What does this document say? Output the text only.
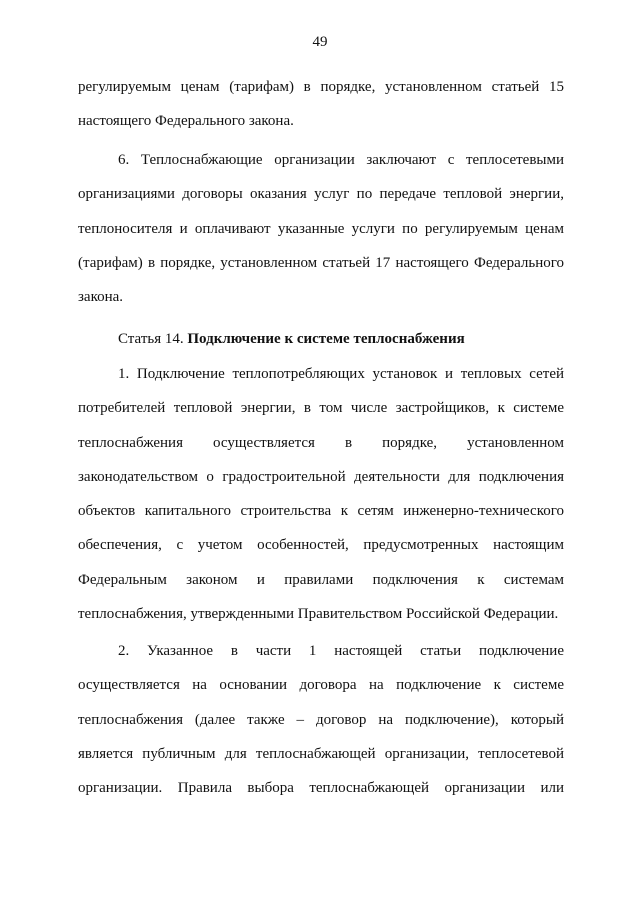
49

регулируемым ценам (тарифам) в порядке, установленном статьей 15 настоящего Федерального закона.

6. Теплоснабжающие организации заключают с теплосетевыми организациями договоры оказания услуг по передаче тепловой энергии, теплоносителя и оплачивают указанные услуги по регулируемым ценам (тарифам) в порядке, установленном статьей 17 настоящего Федерального закона.

Статья 14. Подключение к системе теплоснабжения

1. Подключение теплопотребляющих установок и тепловых сетей потребителей тепловой энергии, в том числе застройщиков, к системе теплоснабжения осуществляется в порядке, установленном законодательством о градостроительной деятельности для подключения объектов капитального строительства к сетям инженерно-технического обеспечения, с учетом особенностей, предусмотренных настоящим Федеральным законом и правилами подключения к системам теплоснабжения, утвержденными Правительством Российской Федерации.

2. Указанное в части 1 настоящей статьи подключение осуществляется на основании договора на подключение к системе теплоснабжения (далее также – договор на подключение), который является публичным для теплоснабжающей организации, теплосетевой организации. Правила выбора теплоснабжающей организации или
